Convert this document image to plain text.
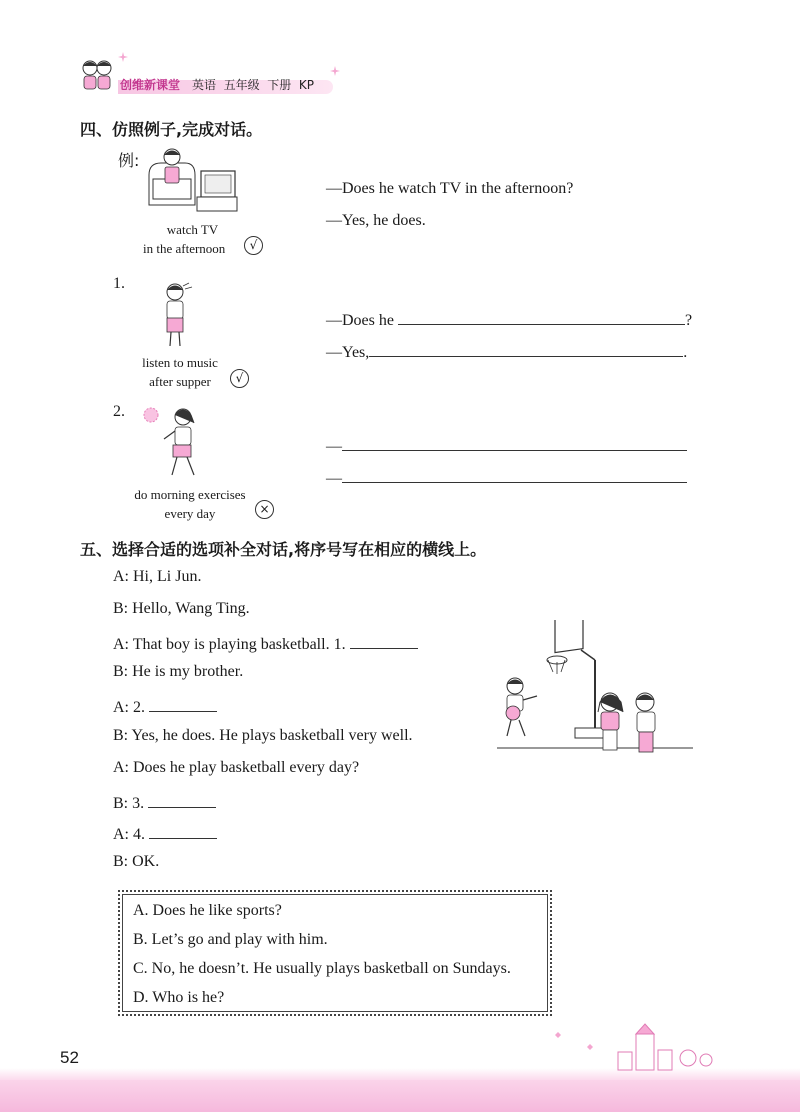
创维新课堂 英语  五年级  下册  KP
四、仿照例子,完成对话。
例:
watch TV
in the afternoon	√
—Does he watch TV in the afternoon?
—Yes, he does.
1.
listen to music
after supper	√
—Does he	?
—Yes,	.
2.
do morning exercises
every day	×
—
—
五、选择合适的选项补全对话,将序号写在相应的横线上。
A: Hi, Li Jun.
B: Hello, Wang Ting.
A: That boy is playing basketball. 1.
B: He is my brother.
A: 2.
B: Yes, he does. He plays basketball very well.
A: Does he play basketball every day?
B: 3.
A: 4.
B: OK.
A. Does he like sports?
B. Let’s go and play with him.
C. No, he doesn’t. He usually plays basketball on Sundays.
D. Who is he?
52
